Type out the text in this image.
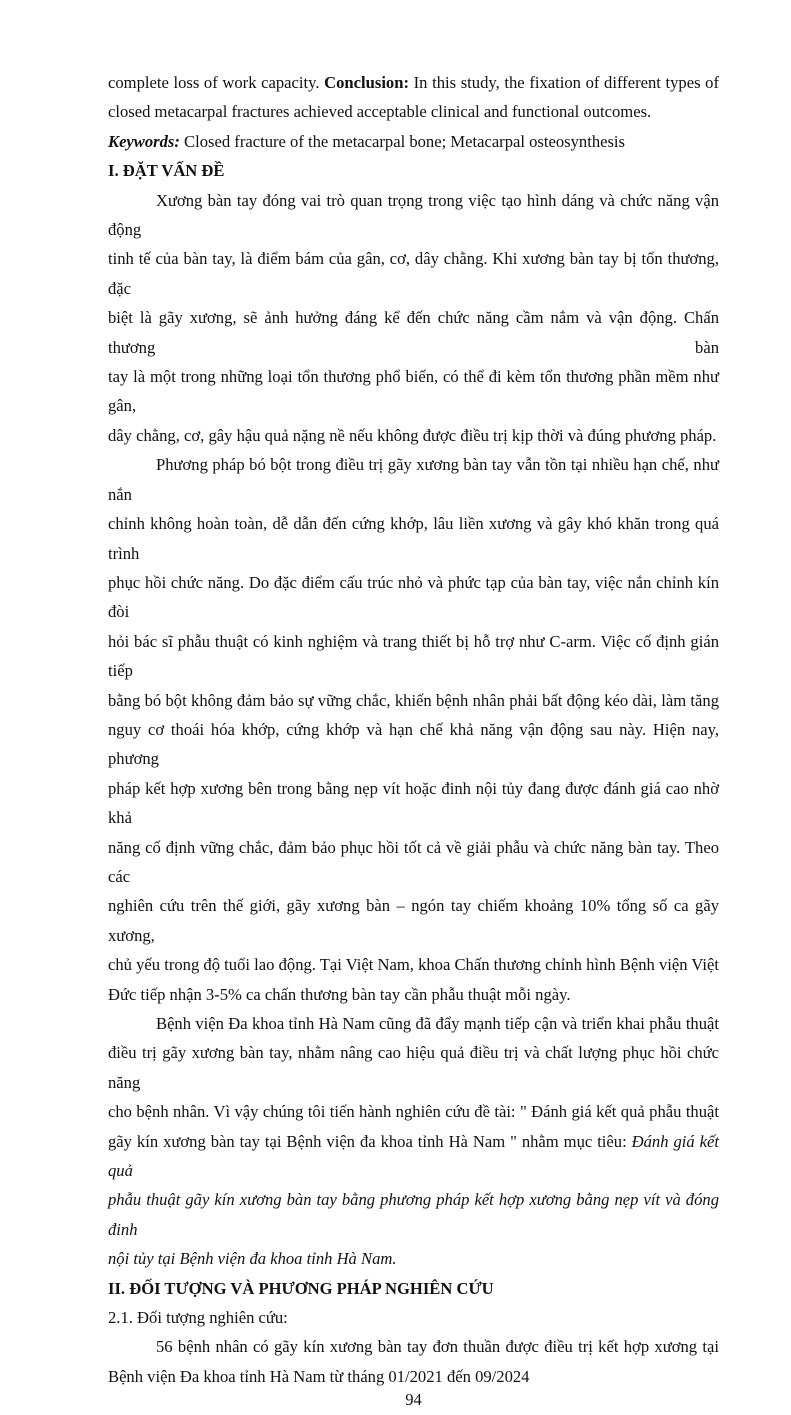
complete loss of work capacity. Conclusion: In this study, the fixation of different types of

closed metacarpal fractures achieved acceptable clinical and functional outcomes.

Keywords: Closed fracture of the metacarpal bone; Metacarpal osteosynthesis

I. ĐẶT VẤN ĐỀ

Xương bàn tay đóng vai trò quan trọng trong việc tạo hình dáng và chức năng vận động

tinh tế của bàn tay, là điểm bám của gân, cơ, dây chằng. Khi xương bàn tay bị tổn thương, đặc

biệt là gãy xương, sẽ ảnh hưởng đáng kể đến chức năng cầm nắm và vận động. Chấn thương bàn

tay là một trong những loại tổn thương phổ biến, có thể đi kèm tổn thương phần mềm như gân,

dây chằng, cơ, gây hậu quả nặng nề nếu không được điều trị kịp thời và đúng phương pháp.

Phương pháp bó bột trong điều trị gãy xương bàn tay vẫn tồn tại nhiều hạn chế, như nắn

chỉnh không hoàn toàn, dễ dẫn đến cứng khớp, lâu liền xương và gây khó khăn trong quá trình

phục hồi chức năng. Do đặc điểm cấu trúc nhỏ và phức tạp của bàn tay, việc nắn chỉnh kín đòi

hỏi bác sĩ phẫu thuật có kinh nghiệm và trang thiết bị hỗ trợ như C-arm. Việc cố định gián tiếp

bằng bó bột không đảm bảo sự vững chắc, khiến bệnh nhân phải bất động kéo dài, làm tăng

nguy cơ thoái hóa khớp, cứng khớp và hạn chế khả năng vận động sau này. Hiện nay, phương

pháp kết hợp xương bên trong bằng nẹp vít hoặc đinh nội tủy đang được đánh giá cao nhờ khả

năng cố định vững chắc, đảm bảo phục hồi tốt cả về giải phẫu và chức năng bàn tay. Theo các

nghiên cứu trên thế giới, gãy xương bàn – ngón tay chiếm khoảng 10% tổng số ca gãy xương,

chủ yếu trong độ tuổi lao động. Tại Việt Nam, khoa Chấn thương chỉnh hình Bệnh viện Việt

Đức tiếp nhận 3-5% ca chấn thương bàn tay cần phẫu thuật mỗi ngày.

Bệnh viện Đa khoa tỉnh Hà Nam cũng đã đẩy mạnh tiếp cận và triển khai phẫu thuật

điều trị gãy xương bàn tay, nhằm nâng cao hiệu quả điều trị và chất lượng phục hồi chức năng

cho bệnh nhân. Vì vậy chúng tôi tiến hành nghiên cứu đề tài: " Đánh giá kết quả phẫu thuật

gãy kín xương bàn tay tại Bệnh viện đa khoa tỉnh Hà Nam " nhằm mục tiêu: Đánh giá kết quả

phẫu thuật gãy kín xương bàn tay bằng phương pháp kết hợp xương bằng nẹp vít và đóng đinh

nội tủy tại Bệnh viện đa khoa tỉnh Hà Nam.

II. ĐỐI TƯỢNG VÀ PHƯƠNG PHÁP NGHIÊN CỨU

2.1. Đối tượng nghiên cứu:

56 bệnh nhân có gãy kín xương bàn tay đơn thuần được điều trị kết hợp xương tại

Bệnh viện Đa khoa tỉnh Hà Nam từ tháng 01/2021 đến 09/2024

94
